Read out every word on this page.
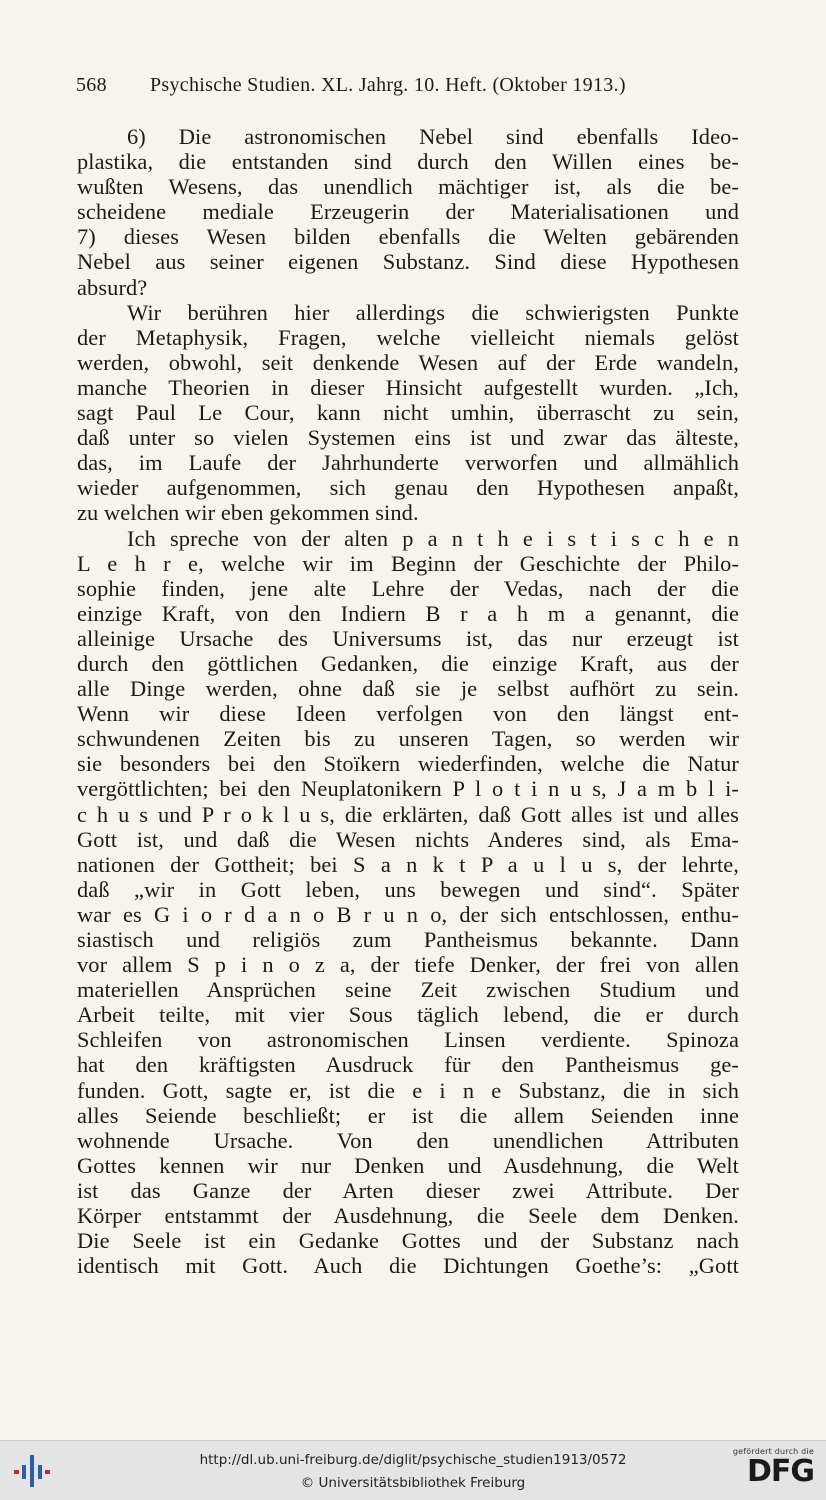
568 Psychische Studien. XL. Jahrg. 10. Heft. (Oktober 1913.)
6) Die astronomischen Nebel sind ebenfalls Ideo-
plastika, die entstanden sind durch den Willen eines be-
wußten Wesens, das unendlich mächtiger ist, als die be-
scheidene mediale Erzeugerin der Materialisationen und
7) dieses Wesen bilden ebenfalls die Welten gebärenden
Nebel aus seiner eigenen Substanz. Sind diese Hypothesen
absurd?
Wir berühren hier allerdings die schwierigsten Punkte
der Metaphysik, Fragen, welche vielleicht niemals gelöst
werden, obwohl, seit denkende Wesen auf der Erde wandeln,
manche Theorien in dieser Hinsicht aufgestellt wurden. „Ich,
sagt Paul Le Cour, kann nicht umhin, überrascht zu sein,
daß unter so vielen Systemen eins ist und zwar das älteste,
das, im Laufe der Jahrhunderte verworfen und allmählich
wieder aufgenommen, sich genau den Hypothesen anpaßt,
zu welchen wir eben gekommen sind.
Ich spreche von der alten p a n t h e i s t i s c h e n
L e h r e, welche wir im Beginn der Geschichte der Philo-
sophie finden, jene alte Lehre der Vedas, nach der die
einzige Kraft, von den Indiern B r a h m a genannt, die
alleinige Ursache des Universums ist, das nur erzeugt ist
durch den göttlichen Gedanken, die einzige Kraft, aus der
alle Dinge werden, ohne daß sie je selbst aufhört zu sein.
Wenn wir diese Ideen verfolgen von den längst ent-
schwundenen Zeiten bis zu unseren Tagen, so werden wir
sie besonders bei den Stoïkern wiederfinden, welche die Natur
vergöttlichten; bei den Neuplatonikern P l o t i n u s, J a m b l i-
c h u s und P r o k l u s, die erklärten, daß Gott alles ist und alles
Gott ist, und daß die Wesen nichts Anderes sind, als Ema-
nationen der Gottheit; bei S a n k t P a u l u s, der lehrte,
daß „wir in Gott leben, uns bewegen und sind“. Später
war es G i o r d a n o B r u n o, der sich entschlossen, enthu-
siastisch und religiös zum Pantheismus bekannte. Dann
vor allem S p i n o z a, der tiefe Denker, der frei von allen
materiellen Ansprüchen seine Zeit zwischen Studium und
Arbeit teilte, mit vier Sous täglich lebend, die er durch
Schleifen von astronomischen Linsen verdiente. Spinoza
hat den kräftigsten Ausdruck für den Pantheismus ge-
funden. Gott, sagte er, ist die e i n e Substanz, die in sich
alles Seiende beschließt; er ist die allem Seienden inne
wohnende Ursache. Von den unendlichen Attributen
Gottes kennen wir nur Denken und Ausdehnung, die Welt
ist das Ganze der Arten dieser zwei Attribute. Der
Körper entstammt der Ausdehnung, die Seele dem Denken.
Die Seele ist ein Gedanke Gottes und der Substanz nach
identisch mit Gott. Auch die Dichtungen Goethe’s: „Gott
http://dl.ub.uni-freiburg.de/diglit/psychische_studien1913/0572
© Universitätsbibliothek Freiburg
gefördert durch die
DFG
